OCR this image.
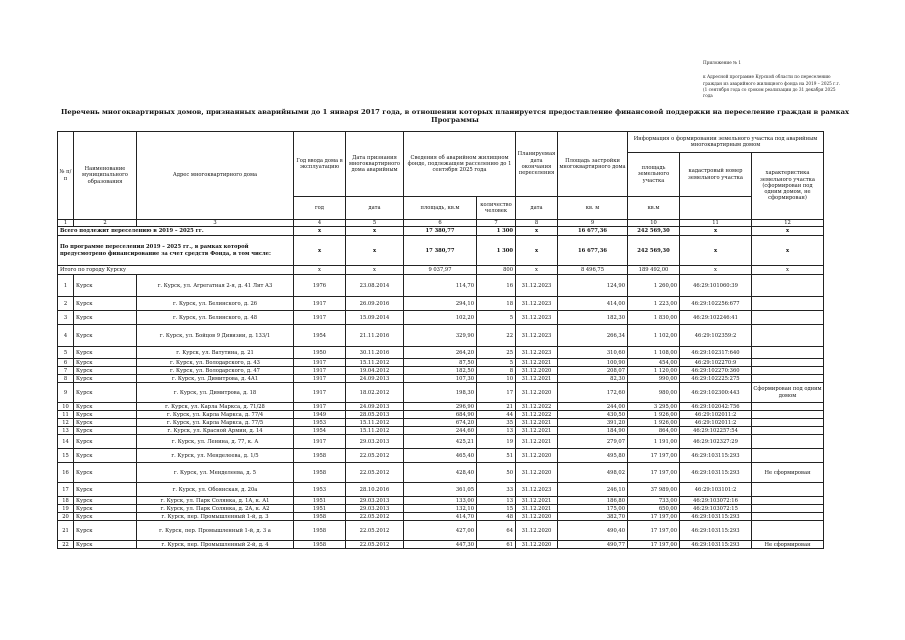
Приложение № 1
к Адресной программе Курской области по переселению граждан из аварийного жилищного фонда на 2019 – 2025 г.г. (1 сентября года со сроком реализации до 31 декабря 2025 года
Перечень многоквартирных домов, признанных аварийными до 1 января 2017 года, в отношении которых планируется предоставление финансовой поддержки на переселение граждан в рамках Программы
№ п/п	Наименование муниципального образования	Адрес многоквартирного дома	Год ввода дома в эксплуатацию	Дата признания многоквартирного дома аварийным	Сведения об аварийном жилищном фонде, подлежащем расселению до 1 сентября 2025 года		Планируемая дата окончания переселения	Площадь застройки многоквартирного дома	Информация о формировании земельного участка под аварийным многоквартирным домом		
									площадь земельного участка	кадастровый номер земельного участка	характеристика земельного участка (сформирован под одним домом, не сформирован)
			год	дата	площадь, кв.м	количество человек	дата	кв. м	кв.м		
1	2	3	4	5	6	7	8	9	10	11	12
Всего подлежит переселению в 2019 – 2025 гг.			х	х	17 380,77	1 300	х	16 677,36	242 569,30	х	х
По программе переселения 2019 – 2025 гг., в рамках которой предусмотрено финансирование за счет средств Фонда, в том числе:			х	х	17 380,77	1 300	х	16 677,36	242 569,30	х	х
Итого по городу Курску			х	х	9 037,97	800	х	8 496,75	189 492,00	х	х
1	Курск	г. Курск, ул. Агрегатная 2-я, д. 41 Лит А3	1976	23.08.2014	114,70	16	31.12.2023	124,90	1 260,00	46:29:101060:39	
2	Курск	г. Курск, ул. Белинского, д. 26	1917	26.09.2016	294,10	18	31.12.2023	414,00	1 223,00	46:29:102256:677	
3	Курск	г. Курск, ул. Белинского, д. 48	1917	15.09.2014	102,20	5	31.12.2023	182,30	1 830,00	46:29:102246:41	
4	Курск	г. Курск, ул. Бойцов 9 Дивизии, д. 133/1	1954	21.11.2016	329,90	22	31.12.2023	266,34	1 102,00	46:29:102359:2	
5	Курск	г. Курск, ул. Ватутина, д. 21	1950	30.11.2016	264,20	25	31.12.2023	310,60	1 108,00	46:29:102317:640	
6	Курск	г. Курск, ул. Володарского, д. 43	1917	15.11.2012	87,50	5	31.12.2021	100,90	454,00	46:29:102270:9	
7	Курск	г. Курск, ул. Володарского, д. 47	1917	19.04.2012	182,50	8	31.12.2020	208,07	1 120,00	46:29:102270:360	
8	Курск	г. Курск, ул. Димитрова, д. 4А1	1917	24.09.2013	107,30	10	31.12.2021	82,30	990,00	46:29:102225:275	
9	Курск	г. Курск, ул. Димитрова, д. 18	1917	18.02.2012	198,30	17	31.12.2020	172,60	980,00	46:29:102300:443	Сформирован под одним домом
10	Курск	г. Курск, ул. Карла Маркса, д. 71/28	1917	24.09.2013	296,90	21	31.12.2022	244,00	3 295,00	46:29:102042:756	
11	Курск	г. Курск, ул. Карла Маркса, д. 77/4	1949	28.05.2013	684,90	44	31.12.2022	430,50	1 926,00	46:29:102011:2	
12	Курск	г. Курск, ул. Карла Маркса, д. 77/5	1953	15.11.2012	674,20	35	31.12.2021	391,20	1 926,00	46:29:102011:2	
13	Курск	г. Курск, ул. Красной Армии, д. 14	1954	15.11.2012	244,60	13	31.12.2021	184,90	864,00	46:29:102257:54	
14	Курск	г. Курск, ул. Ленина, д. 77, к. А	1917	29.03.2013	425,21	19	31.12.2021	279,07	1 191,00	46:29:102327:29	
15	Курск	г. Курск, ул. Менделеева, д. 1/5	1958	22.05.2012	465,40	51	31.12.2020	495,80	17 197,00	46:29:103115:293	
16	Курск	г. Курск, ул. Менделеева, д. 5	1958	22.05.2012	428,40	50	31.12.2020	498,02	17 197,00	46:29:103115:293	Не сформирован
17	Курск	г. Курск, ул. Обоянская, д. 20а	1953	28.10.2016	361,05	33	31.12.2023	246,10	37 989,00	46:29:103101:2	
18	Курск	г. Курск, ул. Парк Солянка, д. 1А, к. А1	1951	29.03.2013	133,00	13	31.12.2021	186,80	733,00	46:29:103072:16	
19	Курск	г. Курск, ул. Парк Солянка, д. 2А, к. А2	1951	29.03.2013	132,10	15	31.12.2021	175,00	650,00	46:29:103072:15	
20	Курск	г. Курск, пер. Промышленный 1-й, д. 3	1958	22.05.2012	414,70	48	31.12.2020	382,70	17 197,00	46:29:103115:293	
21	Курск	г. Курск, пер. Промышленный 1-й, д. 3 а	1958	22.05.2012	427,00	64	31.12.2020	490,40	17 197,00	46:29:103115:293	
22	Курск	г. Курск, пер. Промышленный 2-й, д. 4	1958	22.05.2012	447,30	61	31.12.2020	490,77	17 197,00	46:29:103115:293	Не сформирован
